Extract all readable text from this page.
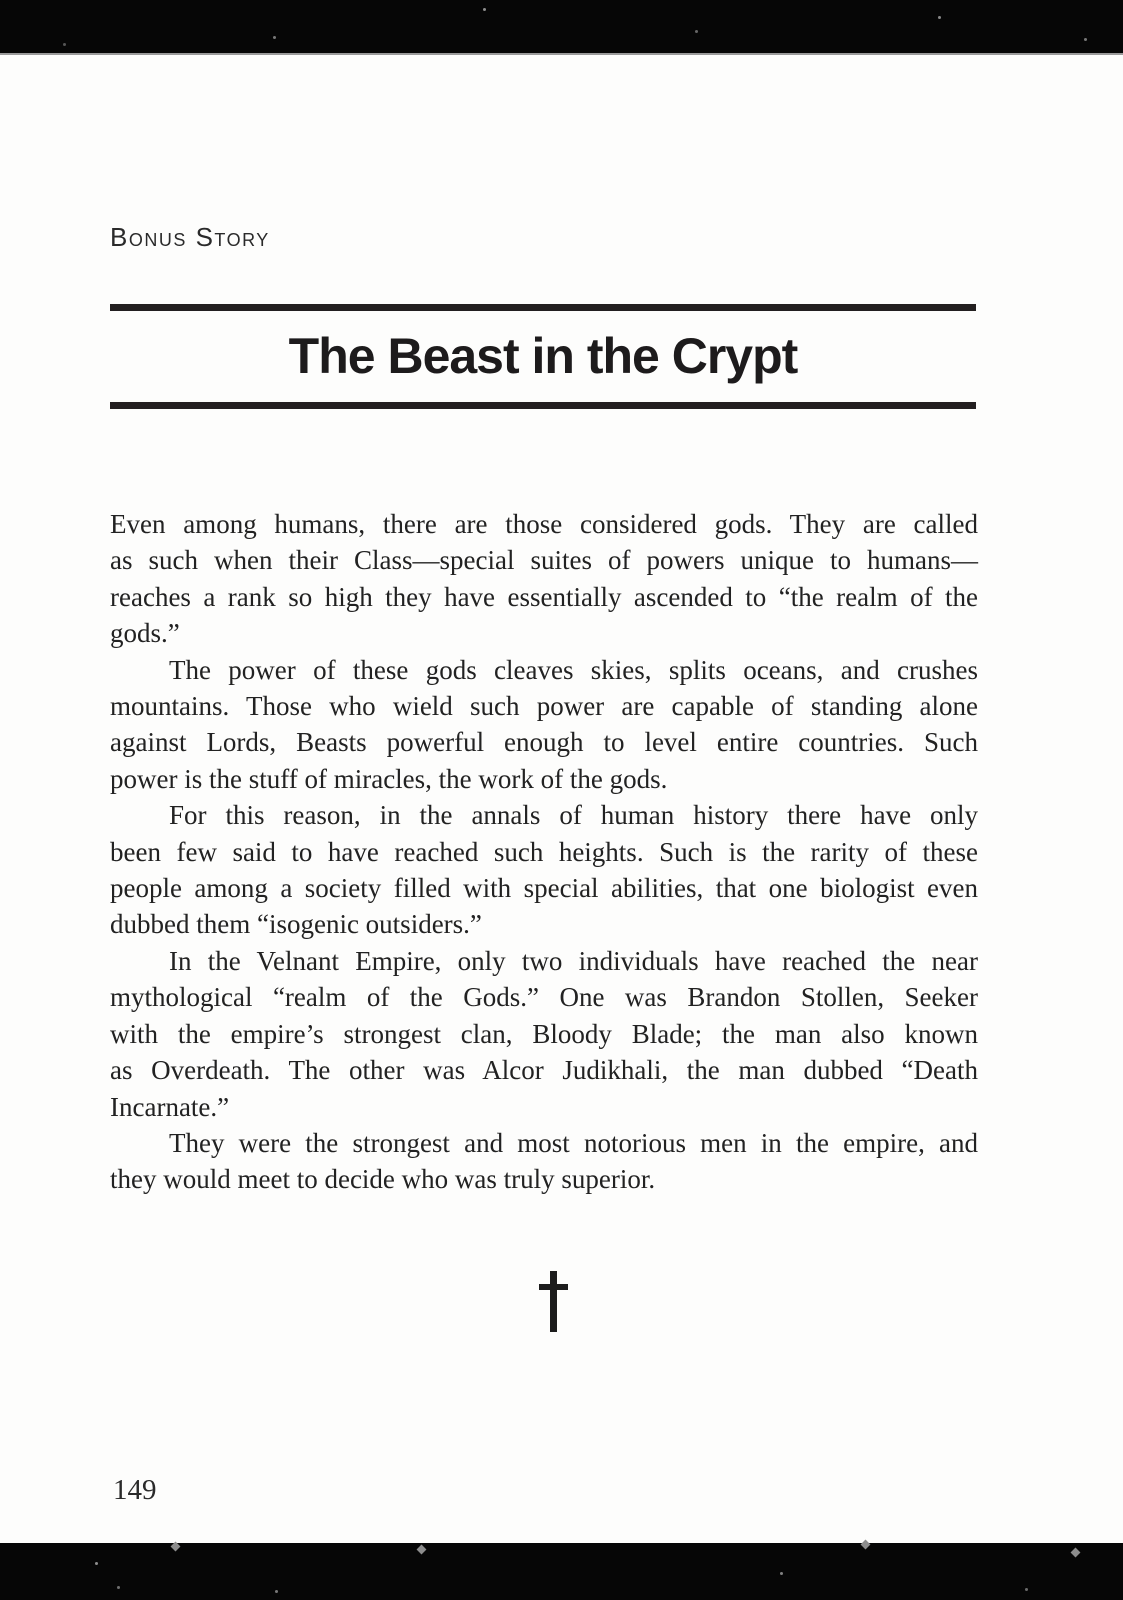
Bonus Story
The Beast in the Crypt
Even among humans, there are those considered gods. They are called
as such when their Class—special suites of powers unique to humans—
reaches a rank so high they have essentially ascended to “the realm of the
gods.”
The power of these gods cleaves skies, splits oceans, and crushes
mountains. Those who wield such power are capable of standing alone
against Lords, Beasts powerful enough to level entire countries. Such
power is the stuff of miracles, the work of the gods.
For this reason, in the annals of human history there have only
been few said to have reached such heights. Such is the rarity of these
people among a society filled with special abilities, that one biologist even
dubbed them “isogenic outsiders.”
In the Velnant Empire, only two individuals have reached the near
mythological “realm of the Gods.” One was Brandon Stollen, Seeker
with the empire’s strongest clan, Bloody Blade; the man also known
as Overdeath. The other was Alcor Judikhali, the man dubbed “Death
Incarnate.”
They were the strongest and most notorious men in the empire, and
they would meet to decide who was truly superior.
149
